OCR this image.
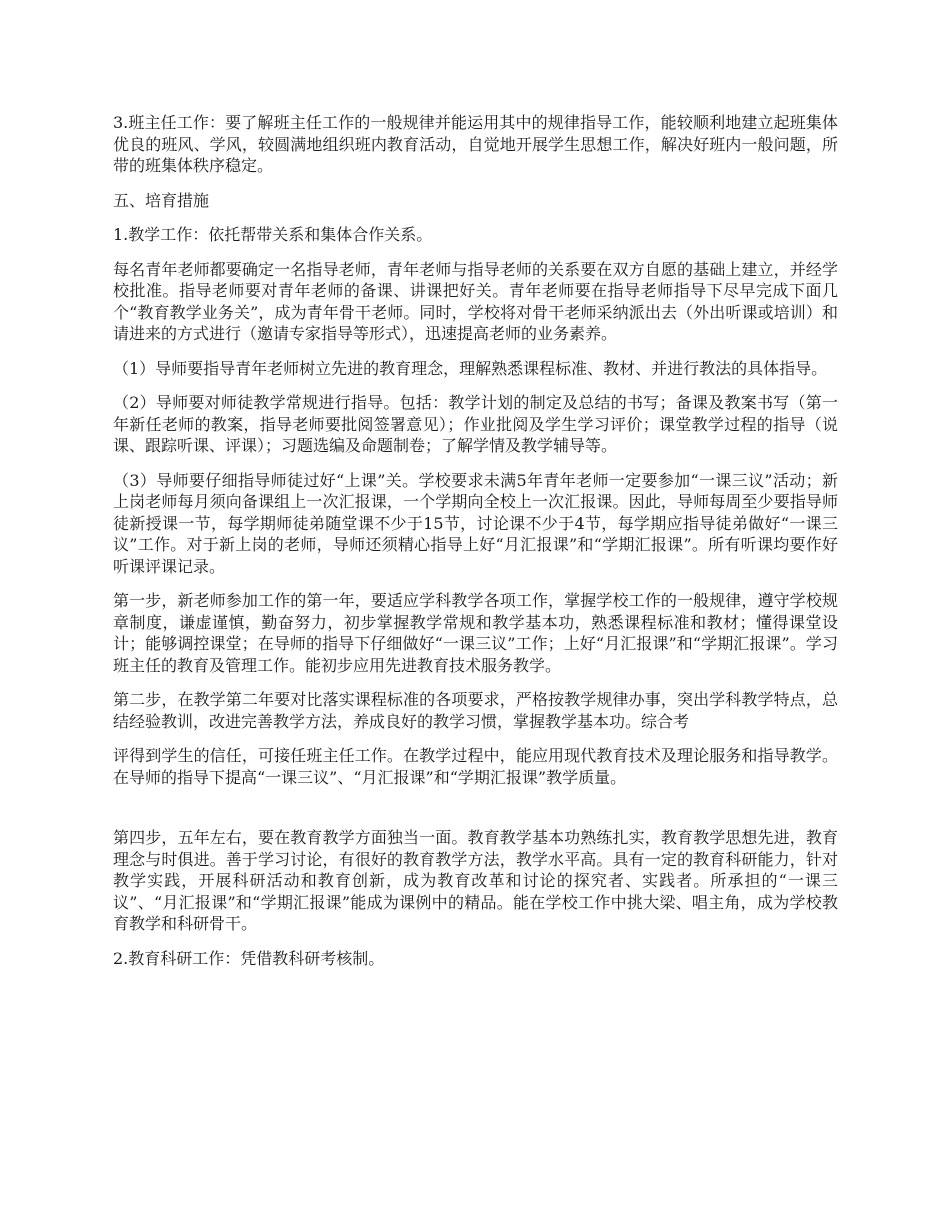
3.班主任工作：要了解班主任工作的一般规律并能运用其中的规律指导工作，能较顺利地建立起班集体优良的班风、学风，较圆满地组织班内教育活动，自觉地开展学生思想工作，解决好班内一般问题，所带的班集体秩序稳定。

五、培育措施

1.教学工作：依托帮带关系和集体合作关系。

每名青年老师都要确定一名指导老师，青年老师与指导老师的关系要在双方自愿的基础上建立，并经学校批准。指导老师要对青年老师的备课、讲课把好关。青年老师要在指导老师指导下尽早完成下面几个“教育教学业务关”，成为青年骨干老师。同时，学校将对骨干老师采纳派出去（外出听课或培训）和请进来的方式进行（邀请专家指导等形式），迅速提高老师的业务素养。

（1）导师要指导青年老师树立先进的教育理念，理解熟悉课程标准、教材、并进行教法的具体指导。

（2）导师要对师徒教学常规进行指导。包括：教学计划的制定及总结的书写；备课及教案书写（第一年新任老师的教案，指导老师要批阅签署意见）；作业批阅及学生学习评价；课堂教学过程的指导（说课、跟踪听课、评课）；习题选编及命题制卷；了解学情及教学辅导等。

（3）导师要仔细指导师徒过好“上课”关。学校要求未满5年青年老师一定要参加“一课三议”活动；新上岗老师每月须向备课组上一次汇报课，一个学期向全校上一次汇报课。因此，导师每周至少要指导师徒新授课一节，每学期师徒弟随堂课不少于15节，讨论课不少于4节，每学期应指导徒弟做好“一课三议”工作。对于新上岗的老师，导师还须精心指导上好“月汇报课”和“学期汇报课”。所有听课均要作好听课评课记录。

第一步，新老师参加工作的第一年，要适应学科教学各项工作，掌握学校工作的一般规律，遵守学校规章制度，谦虚谨慎，勤奋努力，初步掌握教学常规和教学基本功，熟悉课程标准和教材；懂得课堂设计；能够调控课堂；在导师的指导下仔细做好“一课三议”工作；上好“月汇报课”和“学期汇报课”。学习班主任的教育及管理工作。能初步应用先进教育技术服务教学。

第二步，在教学第二年要对比落实课程标准的各项要求，严格按教学规律办事，突出学科教学特点，总结经验教训，改进完善教学方法，养成良好的教学习惯，掌握教学基本功。综合考

评得到学生的信任，可接任班主任工作。在教学过程中，能应用现代教育技术及理论服务和指导教学。在导师的指导下提高“一课三议”、“月汇报课”和“学期汇报课”教学质量。

第四步，五年左右，要在教育教学方面独当一面。教育教学基本功熟练扎实，教育教学思想先进，教育理念与时俱进。善于学习讨论，有很好的教育教学方法，教学水平高。具有一定的教育科研能力，针对教学实践，开展科研活动和教育创新，成为教育改革和讨论的探究者、实践者。所承担的“一课三议”、“月汇报课”和“学期汇报课”能成为课例中的精品。能在学校工作中挑大梁、唱主角，成为学校教育教学和科研骨干。

2.教育科研工作：凭借教科研考核制。
